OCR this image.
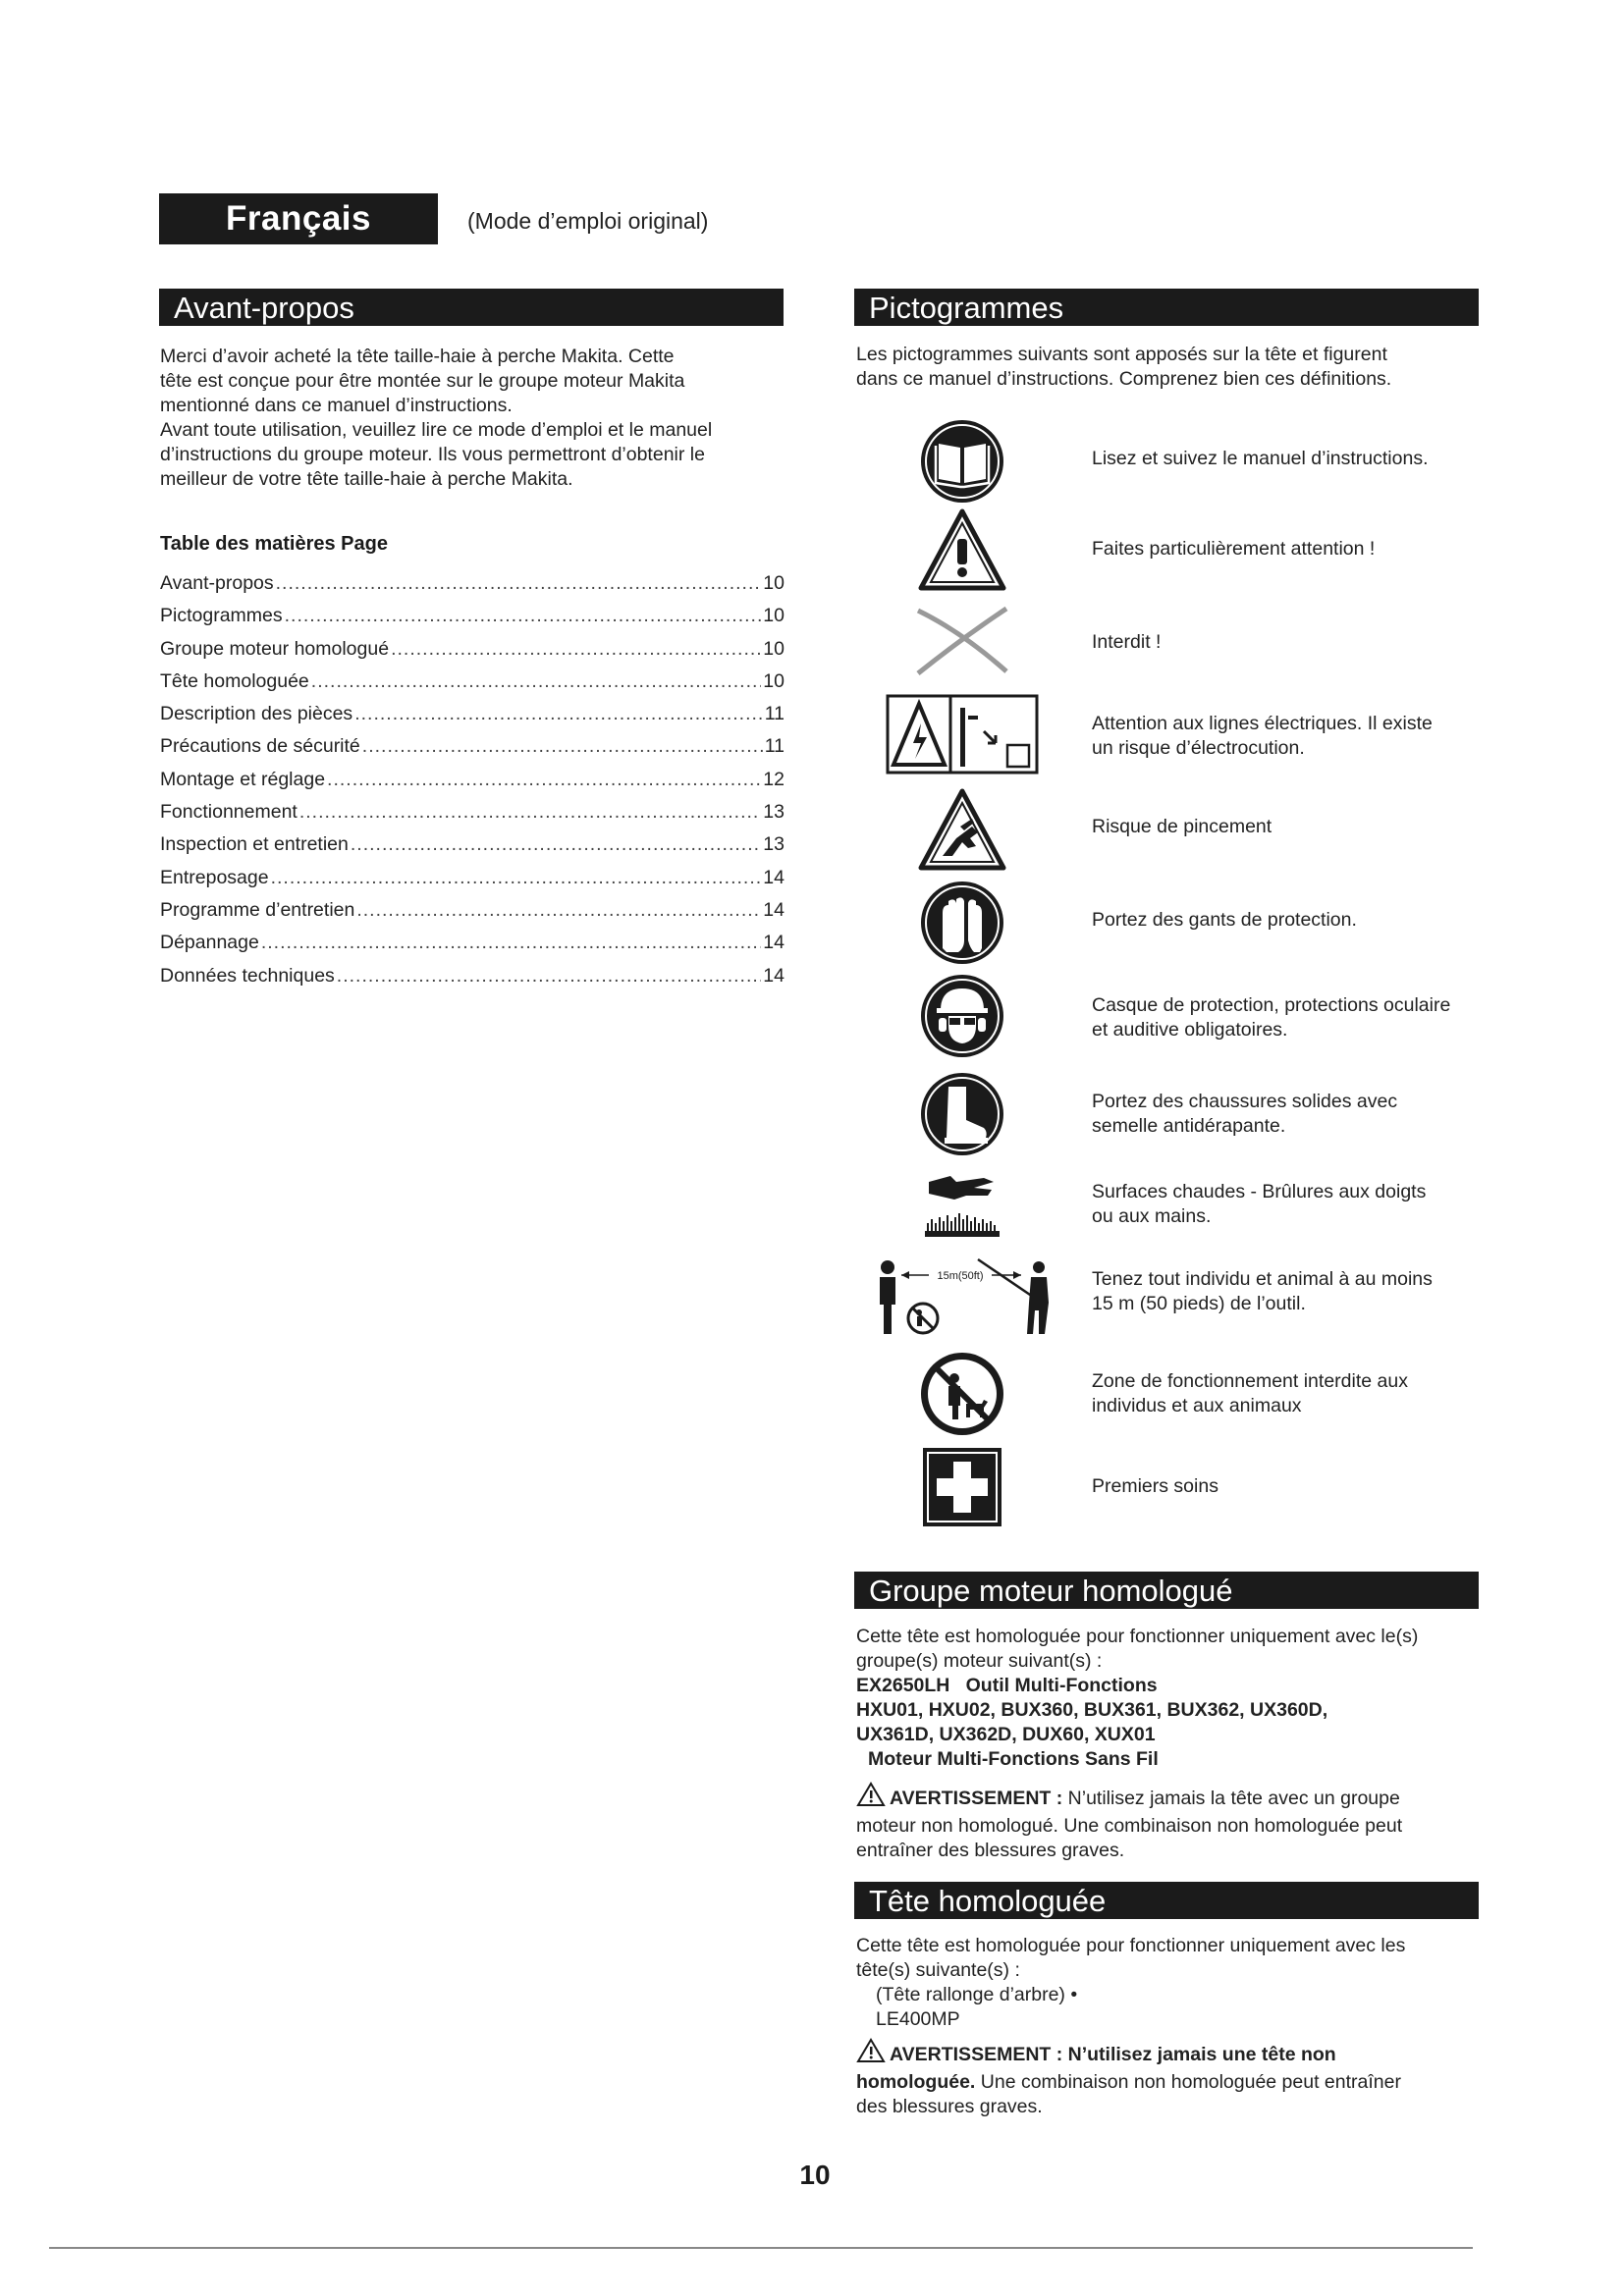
Français	(Mode d’emploi original)
Avant-propos
Merci d’avoir acheté la tête taille-haie à perche Makita. Cette
tête est conçue pour être montée sur le groupe moteur Makita
mentionné dans ce manuel d’instructions.
Avant toute utilisation, veuillez lire ce mode d’emploi et le manuel
d’instructions du groupe moteur. Ils vous permettront d’obtenir le
meilleur de votre tête taille-haie à perche Makita.
Table des matières Page
Avant-propos .....	10
Pictogrammes .....	10
Groupe moteur homologué .....	10
Tête homologuée .....	10
Description des pièces .....	11
Précautions de sécurité .....	11
Montage et réglage .....	12
Fonctionnement .....	13
Inspection et entretien .....	13
Entreposage .....	14
Programme d’entretien .....	14
Dépannage .....	14
Données techniques .....	14
Pictogrammes
Les pictogrammes suivants sont apposés sur la tête et figurent
dans ce manuel d’instructions. Comprenez bien ces définitions.
Lisez et suivez le manuel d’instructions.
Faites particulièrement attention !
Interdit !
Attention aux lignes électriques. Il existe
un risque d’électrocution.
Risque de pincement
Portez des gants de protection.
Casque de protection, protections oculaire
et auditive obligatoires.
Portez des chaussures solides avec
semelle antidérapante.
Surfaces chaudes - Brûlures aux doigts
ou aux mains.
15m(50ft)	Tenez tout individu et animal à au moins
15 m (50 pieds) de l’outil.
Zone de fonctionnement interdite aux
individus et aux animaux
Premiers soins
Groupe moteur homologué
Cette tête est homologuée pour fonctionner uniquement avec le(s)
groupe(s) moteur suivant(s) :
EX2650LH   Outil Multi-Fonctions
HXU01, HXU02, BUX360, BUX361, BUX362, UX360D,
UX361D, UX362D, DUX60, XUX01
Moteur Multi-Fonctions Sans Fil
AVERTISSEMENT : N’utilisez jamais la tête avec un groupe
moteur non homologué. Une combinaison non homologuée peut
entraîner des blessures graves.
Tête homologuée
Cette tête est homologuée pour fonctionner uniquement avec les
tête(s) suivante(s) :
(Tête rallonge d’arbre) •
LE400MP
AVERTISSEMENT : N’utilisez jamais une tête non
homologuée. Une combinaison non homologuée peut entraîner
des blessures graves.
10
